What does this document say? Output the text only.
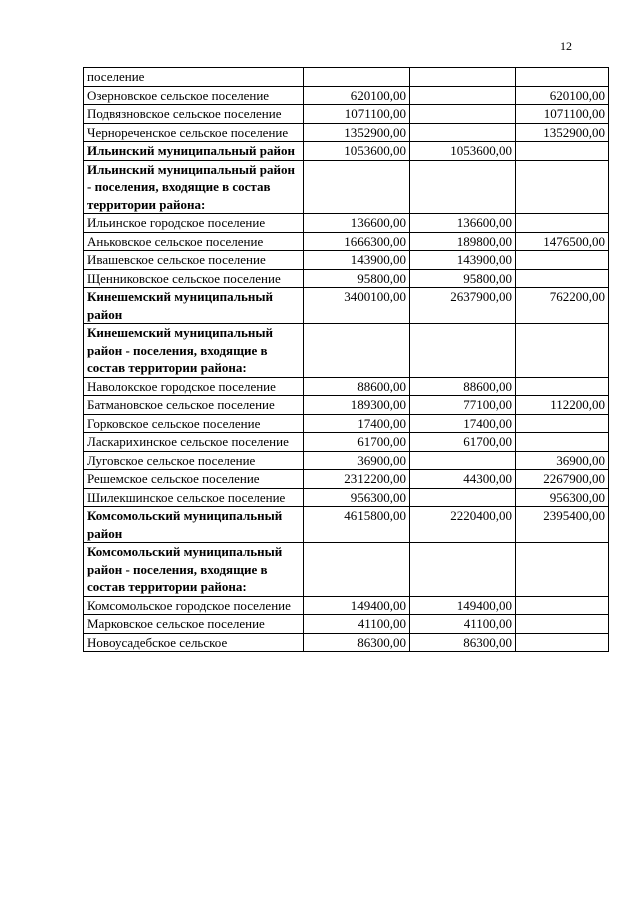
12
поселение			
Озерновское сельское поселение	620100,00		620100,00
Подвязновское сельское поселение	1071100,00		1071100,00
Чернореченское сельское поселение	1352900,00		1352900,00
Ильинский муниципальный район	1053600,00	1053600,00	
Ильинский муниципальный район - поселения, входящие в состав территории района:			
Ильинское городское поселение	136600,00	136600,00	
Аньковское сельское поселение	1666300,00	189800,00	1476500,00
Ивашевское сельское поселение	143900,00	143900,00	
Щенниковское сельское поселение	95800,00	95800,00	
Кинешемский муниципальный район	3400100,00	2637900,00	762200,00
Кинешемский муниципальный район - поселения, входящие в состав территории района:			
Наволокское городское поселение	88600,00	88600,00	
Батмановское сельское поселение	189300,00	77100,00	112200,00
Горковское сельское поселение	17400,00	17400,00	
Ласкарихинское сельское поселение	61700,00	61700,00	
Луговское сельское поселение	36900,00		36900,00
Решемское сельское поселение	2312200,00	44300,00	2267900,00
Шилекшинское сельское поселение	956300,00		956300,00
Комсомольский муниципальный район	4615800,00	2220400,00	2395400,00
Комсомольский муниципальный район - поселения, входящие в состав территории района:			
Комсомольское городское поселение	149400,00	149400,00	
Марковское сельское поселение	41100,00	41100,00	
Новоусадебское сельское	86300,00	86300,00	
